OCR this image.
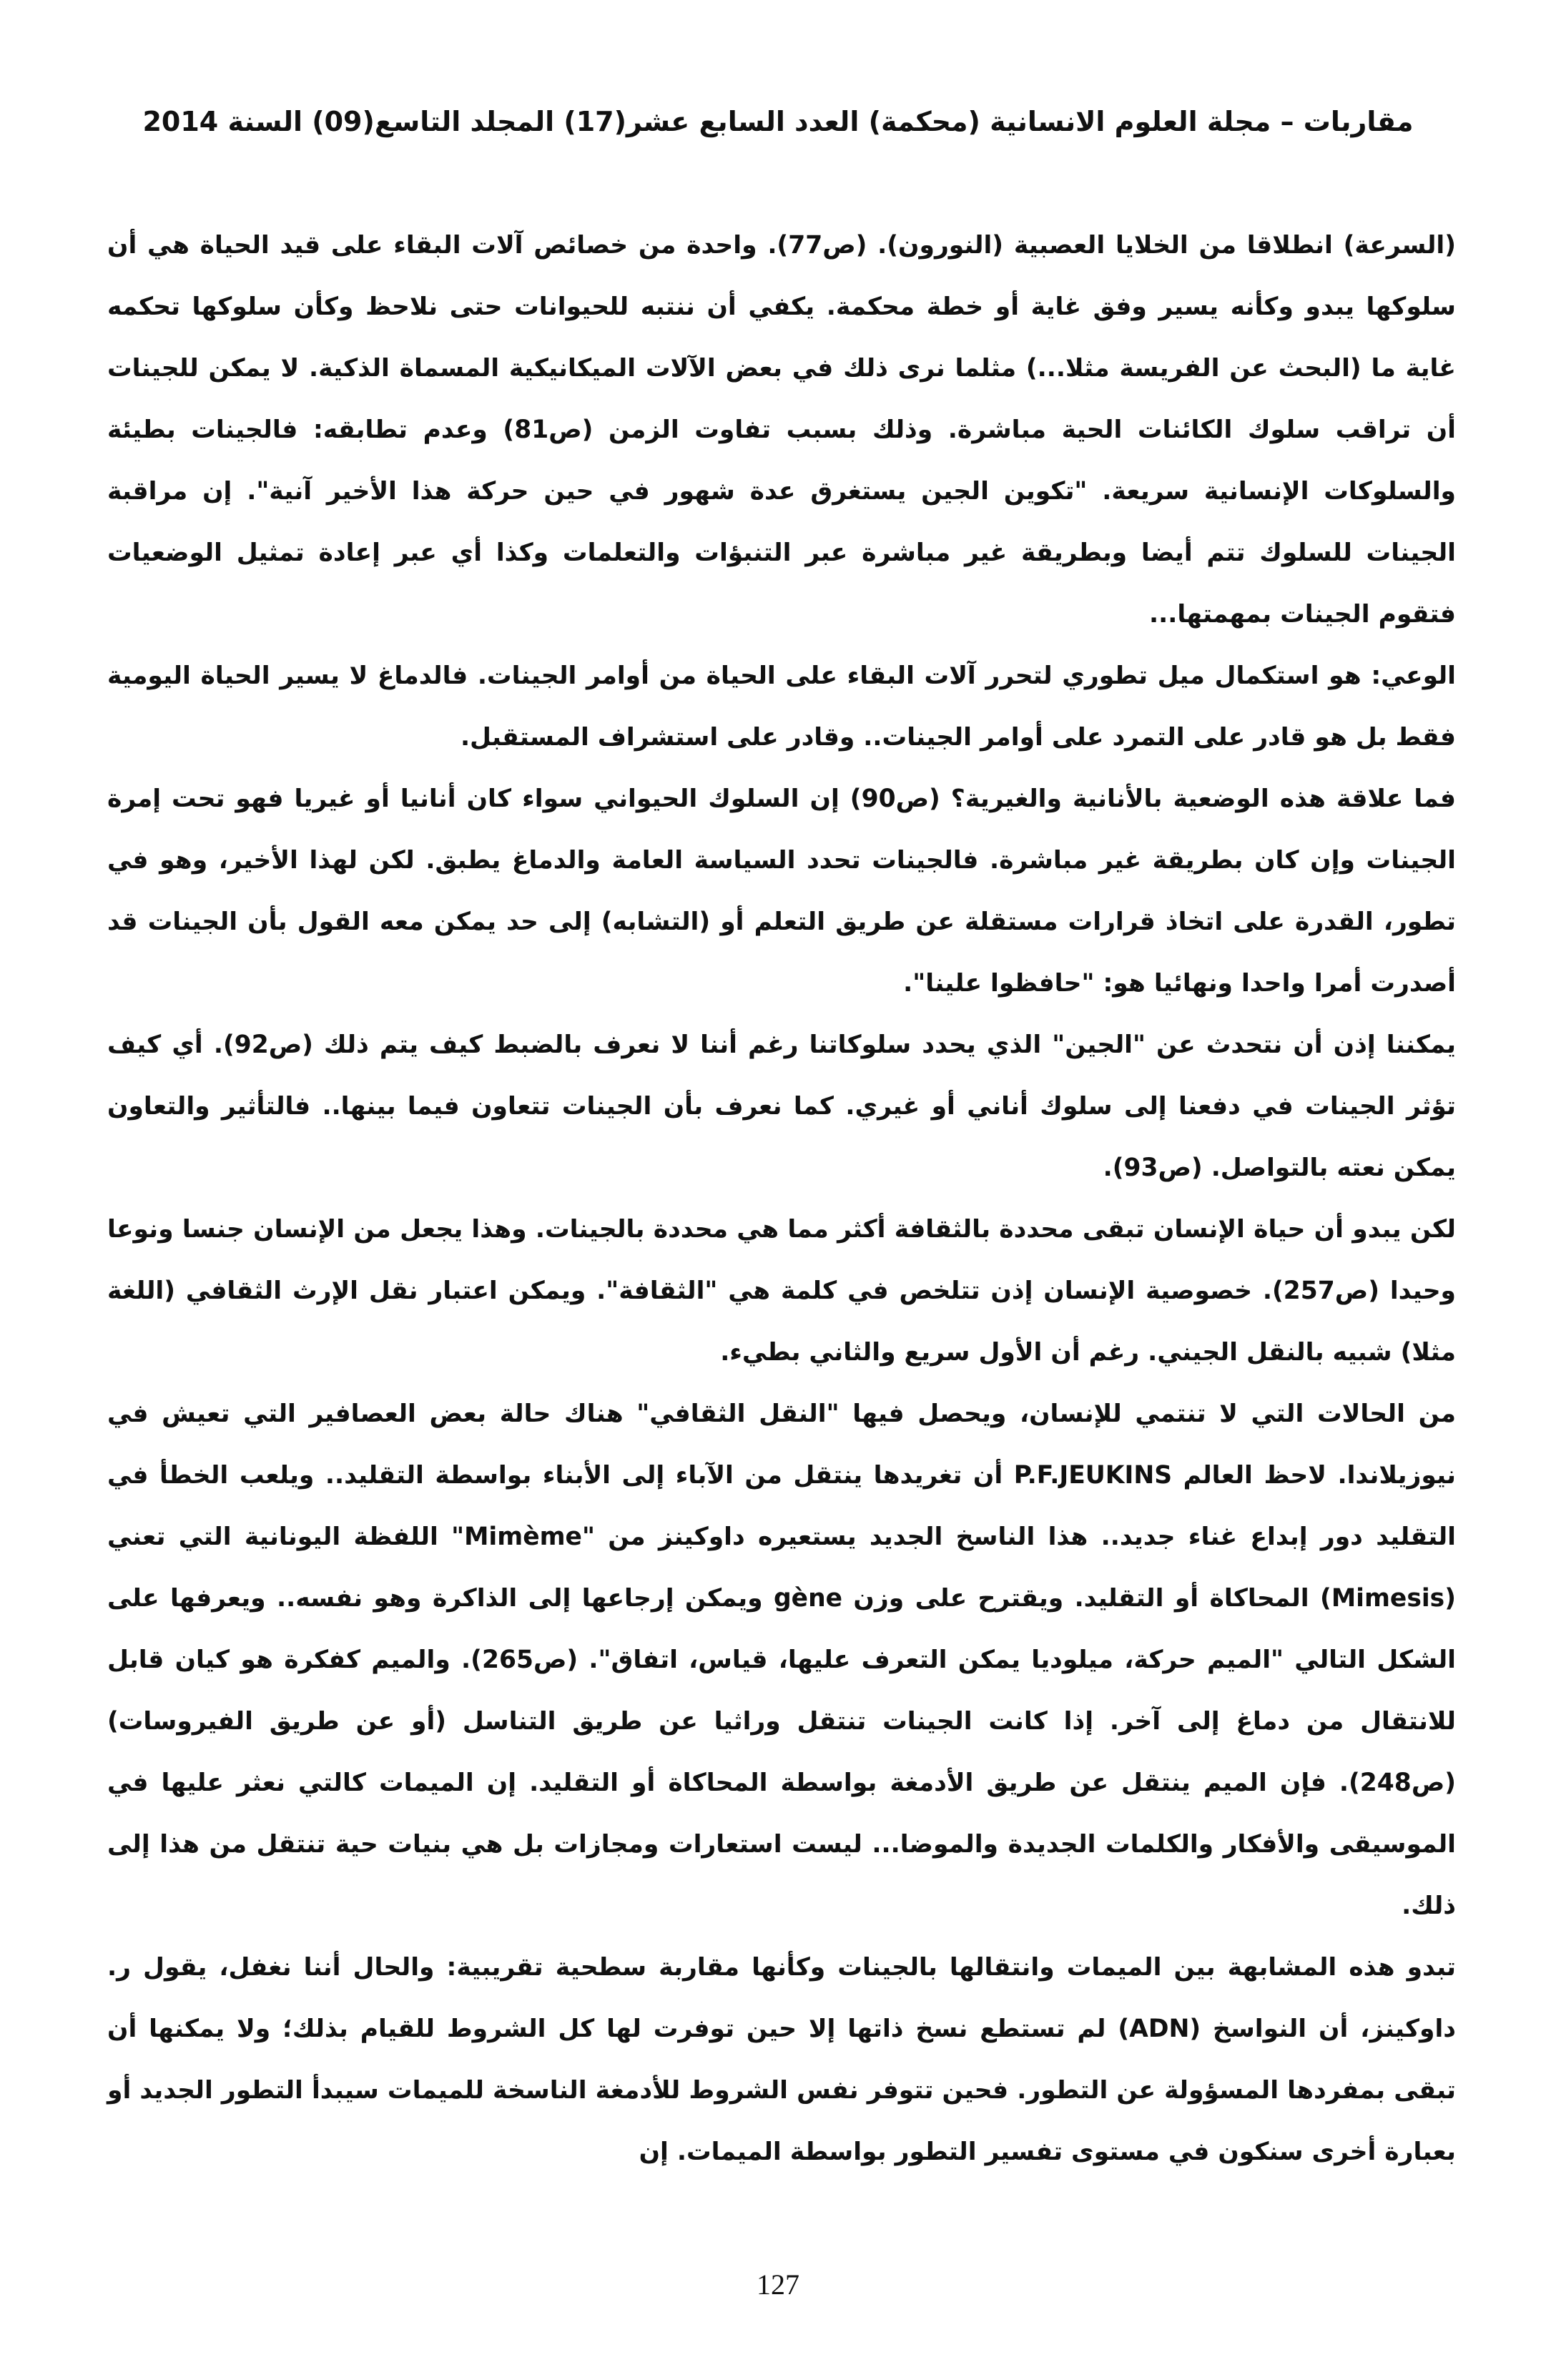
مقاربات – مجلة العلوم الانسانية (محكمة) العدد السابع عشر(17) المجلد التاسع(09) السنة 2014

(السرعة) انطلاقا من الخلايا العصبية (النورون). (ص77). واحدة من خصائص آلات البقاء على قيد الحياة هي أن سلوكها يبدو وكأنه يسير وفق غاية أو خطة محكمة. يكفي أن ننتبه للحيوانات حتى نلاحظ وكأن سلوكها تحكمه غاية ما (البحث عن الفريسة مثلا...) مثلما نرى ذلك في بعض الآلات الميكانيكية المسماة الذكية. لا يمكن للجينات أن تراقب سلوك الكائنات الحية مباشرة. وذلك بسبب تفاوت الزمن (ص81) وعدم تطابقه: فالجينات بطيئة والسلوكات الإنسانية سريعة. "تكوين الجين يستغرق عدة شهور في حين حركة هذا الأخير آنية". إن مراقبة الجينات للسلوك تتم أيضا وبطريقة غير مباشرة عبر التنبؤات والتعلمات وكذا أي عبر إعادة تمثيل الوضعيات فتقوم الجينات بمهمتها...

الوعي: هو استكمال ميل تطوري لتحرر آلات البقاء على الحياة من أوامر الجينات. فالدماغ لا يسير الحياة اليومية فقط بل هو قادر على التمرد على أوامر الجينات.. وقادر على استشراف المستقبل.

فما علاقة هذه الوضعية بالأنانية والغيرية؟ (ص90) إن السلوك الحيواني سواء كان أنانيا أو غيريا فهو تحت إمرة الجينات وإن كان بطريقة غير مباشرة. فالجينات تحدد السياسة العامة والدماغ يطبق. لكن لهذا الأخير، وهو في تطور، القدرة على اتخاذ قرارات مستقلة عن طريق التعلم أو (التشابه) إلى حد يمكن معه القول بأن الجينات قد أصدرت أمرا واحدا ونهائيا هو: "حافظوا علينا".

يمكننا إذن أن نتحدث عن "الجين" الذي يحدد سلوكاتنا رغم أننا لا نعرف بالضبط كيف يتم ذلك (ص92). أي كيف تؤثر الجينات في دفعنا إلى سلوك أناني أو غيري. كما نعرف بأن الجينات تتعاون فيما بينها.. فالتأثير والتعاون يمكن نعته بالتواصل. (ص93).

لكن يبدو أن حياة الإنسان تبقى محددة بالثقافة أكثر مما هي محددة بالجينات. وهذا يجعل من الإنسان جنسا ونوعا وحيدا (ص257). خصوصية الإنسان إذن تتلخص في كلمة هي "الثقافة". ويمكن اعتبار نقل الإرث الثقافي (اللغة مثلا) شبيه بالنقل الجيني. رغم أن الأول سريع والثاني بطيء.

من الحالات التي لا تنتمي للإنسان، ويحصل فيها "النقل الثقافي" هناك حالة بعض العصافير التي تعيش في نيوزيلاندا. لاحظ العالم P.F.JEUKINS أن تغريدها ينتقل من الآباء إلى الأبناء بواسطة التقليد.. ويلعب الخطأ في التقليد دور إبداع غناء جديد.. هذا الناسخ الجديد يستعيره داوكينز من "Mimème" اللفظة اليونانية التي تعني (Mimesis) المحاكاة أو التقليد. ويقترح على وزن gène ويمكن إرجاعها إلى الذاكرة وهو نفسه.. ويعرفها على الشكل التالي "الميم حركة، ميلوديا يمكن التعرف عليها، قياس، اتفاق". (ص265). والميم كفكرة هو كيان قابل للانتقال من دماغ إلى آخر. إذا كانت الجينات تنتقل وراثيا عن طريق التناسل (أو عن طريق الفيروسات) (ص248). فإن الميم ينتقل عن طريق الأدمغة بواسطة المحاكاة أو التقليد. إن الميمات كالتي نعثر عليها في الموسيقى والأفكار والكلمات الجديدة والموضا... ليست استعارات ومجازات بل هي بنيات حية تنتقل من هذا إلى ذلك.

تبدو هذه المشابهة بين الميمات وانتقالها بالجينات وكأنها مقاربة سطحية تقريبية: والحال أننا نغفل، يقول ر. داوكينز، أن النواسخ (ADN) لم تستطع نسخ ذاتها إلا حين توفرت لها كل الشروط للقيام بذلك؛ ولا يمكنها أن تبقى بمفردها المسؤولة عن التطور. فحين تتوفر نفس الشروط للأدمغة الناسخة للميمات سيبدأ التطور الجديد أو بعبارة أخرى سنكون في مستوى تفسير التطور بواسطة الميمات. إن

127
